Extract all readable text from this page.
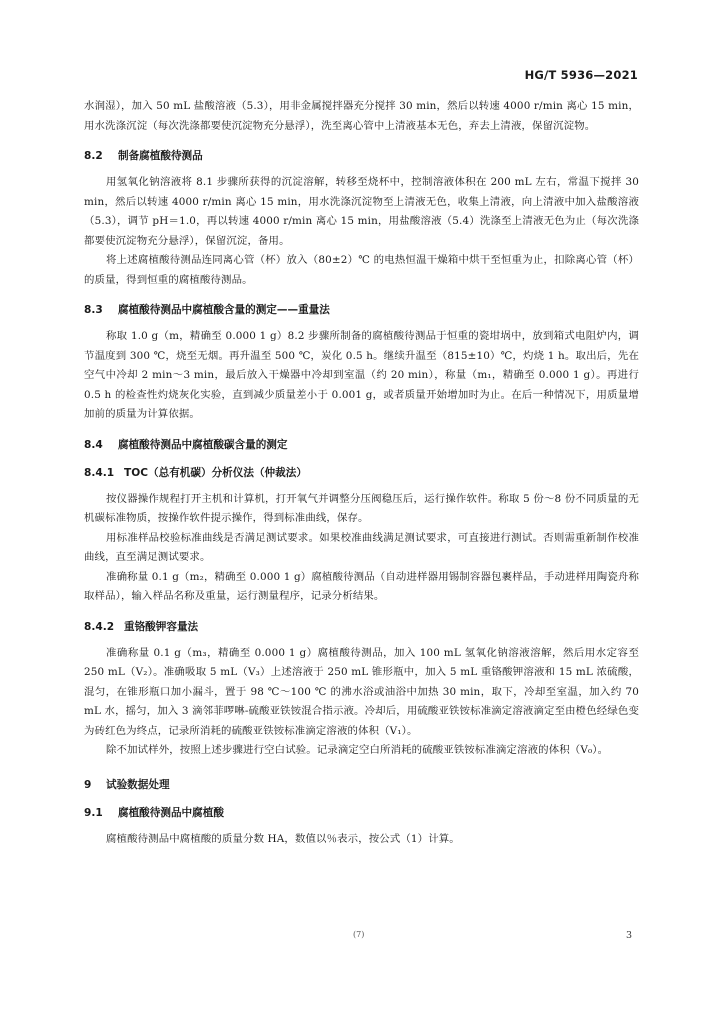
HG/T 5936—2021

水润湿），加入 50 mL 盐酸溶液（5.3），用非金属搅拌器充分搅拌 30 min，然后以转速 4000 r/min 离心 15 min，用水洗涤沉淀（每次洗涤都要使沉淀物充分悬浮），洗至离心管中上清液基本无色，弃去上清液，保留沉淀物。

8.2 制备腐植酸待测品

用氢氧化钠溶液将 8.1 步骤所获得的沉淀溶解，转移至烧杯中，控制溶液体积在 200 mL 左右，常温下搅拌 30 min，然后以转速 4000 r/min 离心 15 min，用水洗涤沉淀物至上清液无色，收集上清液，向上清液中加入盐酸溶液（5.3），调节 pH＝1.0，再以转速 4000 r/min 离心 15 min，用盐酸溶液（5.4）洗涤至上清液无色为止（每次洗涤都要使沉淀物充分悬浮），保留沉淀，备用。

将上述腐植酸待测品连同离心管（杯）放入（80±2）℃ 的电热恒温干燥箱中烘干至恒重为止，扣除离心管（杯）的质量，得到恒重的腐植酸待测品。

8.3 腐植酸待测品中腐植酸含量的测定——重量法

称取 1.0 g（m，精确至 0.000 1 g）8.2 步骤所制备的腐植酸待测品于恒重的瓷坩埚中，放到箱式电阻炉内，调节温度到 300 ℃，烧至无烟。再升温至 500 ℃，炭化 0.5 h。继续升温至（815±10）℃，灼烧 1 h。取出后，先在空气中冷却 2 min～3 min，最后放入干燥器中冷却到室温（约 20 min），称量（m₁，精确至 0.000 1 g）。再进行 0.5 h 的检查性灼烧灰化实验，直到减少质量差小于 0.001 g，或者质量开始增加时为止。在后一种情况下，用质量增加前的质量为计算依据。

8.4 腐植酸待测品中腐植酸碳含量的测定
8.4.1 TOC（总有机碳）分析仪法（仲裁法）

按仪器操作规程打开主机和计算机，打开氧气并调整分压阀稳压后，运行操作软件。称取 5 份～8 份不同质量的无机碳标准物质，按操作软件提示操作，得到标准曲线，保存。

用标准样品校验标准曲线是否满足测试要求。如果校准曲线满足测试要求，可直接进行测试。否则需重新制作校准曲线，直至满足测试要求。

准确称量 0.1 g（m₂，精确至 0.000 1 g）腐植酸待测品（自动进样器用锡制容器包裹样品，手动进样用陶瓷舟称取样品），输入样品名称及重量，运行测量程序，记录分析结果。

8.4.2 重铬酸钾容量法

准确称量 0.1 g（m₃，精确至 0.000 1 g）腐植酸待测品，加入 100 mL 氢氧化钠溶液溶解，然后用水定容至 250 mL（V₂）。准确吸取 5 mL（V₃）上述溶液于 250 mL 锥形瓶中，加入 5 mL 重铬酸钾溶液和 15 mL 浓硫酸，混匀，在锥形瓶口加小漏斗，置于 98 ℃～100 ℃ 的沸水浴或油浴中加热 30 min，取下，冷却至室温，加入约 70 mL 水，摇匀，加入 3 滴邻菲啰啉-硫酸亚铁铵混合指示液。冷却后，用硫酸亚铁铵标准滴定溶液滴定至由橙色经绿色变为砖红色为终点，记录所消耗的硫酸亚铁铵标准滴定溶液的体积（V₁）。

除不加试样外，按照上述步骤进行空白试验。记录滴定空白所消耗的硫酸亚铁铵标准滴定溶液的体积（V₀）。

9 试验数据处理
9.1 腐植酸待测品中腐植酸

腐植酸待测品中腐植酸的质量分数 HA，数值以％表示，按公式（1）计算。

(7)	3
